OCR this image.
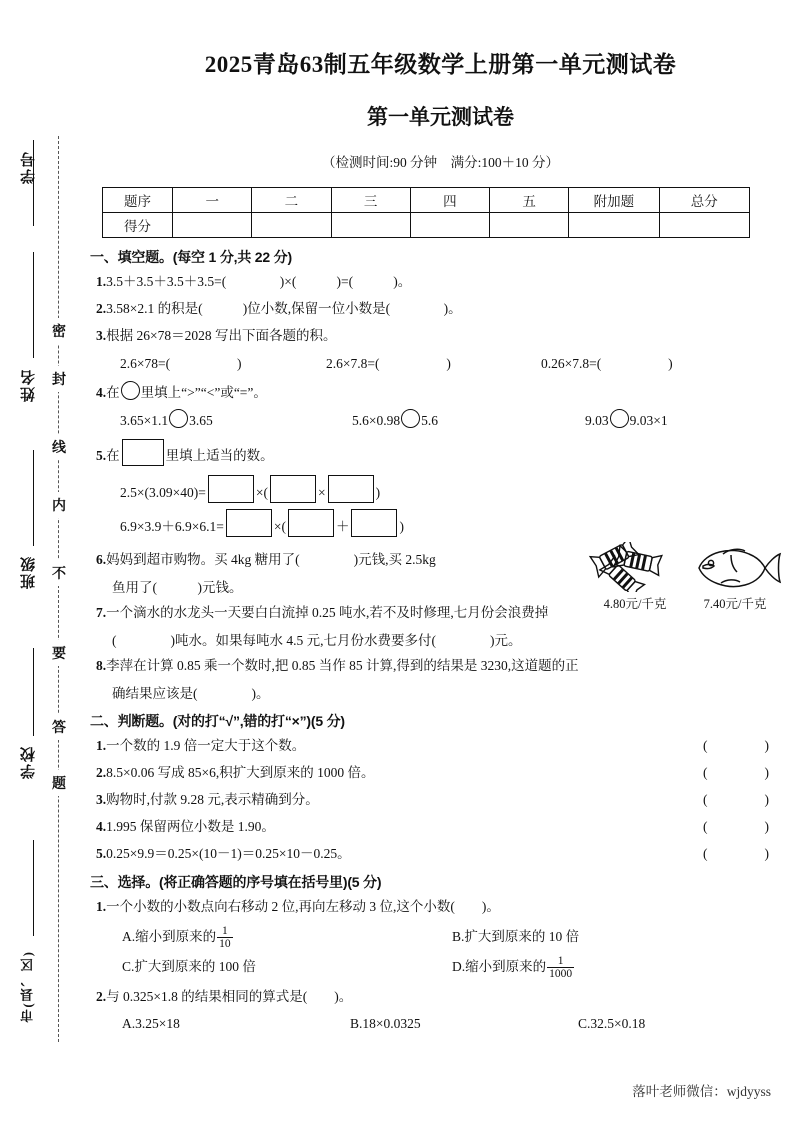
学号
姓名
班级
学校
市(县、区)
密
封
线
内
不
要
答
题
2025青岛63制五年级数学上册第一单元测试卷
第一单元测试卷
（检测时间:90 分钟　满分:100＋10 分）
题序	一	二	三	四	五	附加题	总分
得分							
一、填空题。(每空 1 分,共 22 分)
1.3.5＋3.5＋3.5＋3.5=(	)×(	)=(	)。
2.3.58×2.1 的积是(	)位小数,保留一位小数是(	)。
3.根据 26×78＝2028 写出下面各题的积。
2.6×78=(	)	2.6×7.8=(	)	0.26×7.8=(	)
4.在 里填上“>”“<”或“=”。
3.65×1.1 3.65	5.6×0.98 5.6	9.03 9.03×1
5.在	里填上适当的数。
2.5×(3.09×40)=	×(	×	)
6.9×3.9＋6.9×6.1=	×(	＋	)
6.妈妈到超市购物。买 4kg 糖用了(　　　　)元钱,买 2.5kg
鱼用了(　　　)元钱。
7.一个滴水的水龙头一天要白白流掉 0.25 吨水,若不及时修理,七月份会浪费掉
(　　　　)吨水。如果每吨水 4.5 元,七月份水费要多付(　　　　)元。
8.李萍在计算 0.85 乘一个数时,把 0.85 当作 85 计算,得到的结果是 3230,这道题的正
确结果应该是(　　　　)。
二、判断题。(对的打“√”,错的打“×”)(5 分)
1.一个数的 1.9 倍一定大于这个数。	(　　)
2.8.5×0.06 写成 85×6,积扩大到原来的 1000 倍。	(　　)
3.购物时,付款 9.28 元,表示精确到分。	(　　)
4.1.995 保留两位小数是 1.90。	(　　)
5.0.25×9.9＝0.25×(10－1)＝0.25×10－0.25。	(　　)
三、选择。(将正确答题的序号填在括号里)(5 分)
1.一个小数的小数点向右移动 2 位,再向左移动 3 位,这个小数(　　)。
A.缩小到原来的 $\frac{1}{10}$	B.扩大到原来的 10 倍
C.扩大到原来的 100 倍	D.缩小到原来的 $\frac{1}{1000}$
2.与 0.325×1.8 的结果相同的算式是(　　)。
A.3.25×18	B.18×0.0325	C.32.5×0.18
4.80元/千克	7.40元/千克
落叶老师微信：wjdyyss
